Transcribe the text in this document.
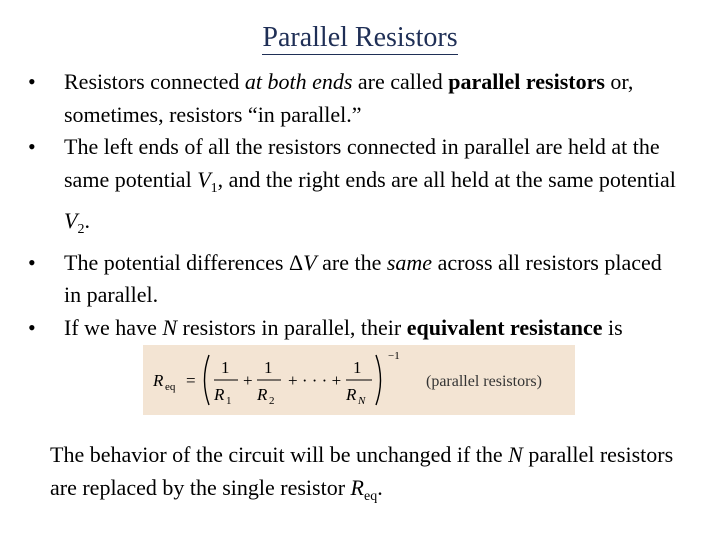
Parallel Resistors
• Resistors connected at both ends are called parallel resistors or, sometimes, resistors “in parallel.”
• The left ends of all the resistors connected in parallel are held at the same potential $V_1$, and the right ends are all held at the same potential $V_2$.
• The potential differences ΔV are the same across all resistors placed in parallel.
• If we have N resistors in parallel, their equivalent resistance is
R eq =
1
R 1
+
1
R 2
+ · · · +
1
R N
−1
(parallel resistors)
The behavior of the circuit will be unchanged if the N parallel resistors are replaced by the single resistor $R_{eq}$.
